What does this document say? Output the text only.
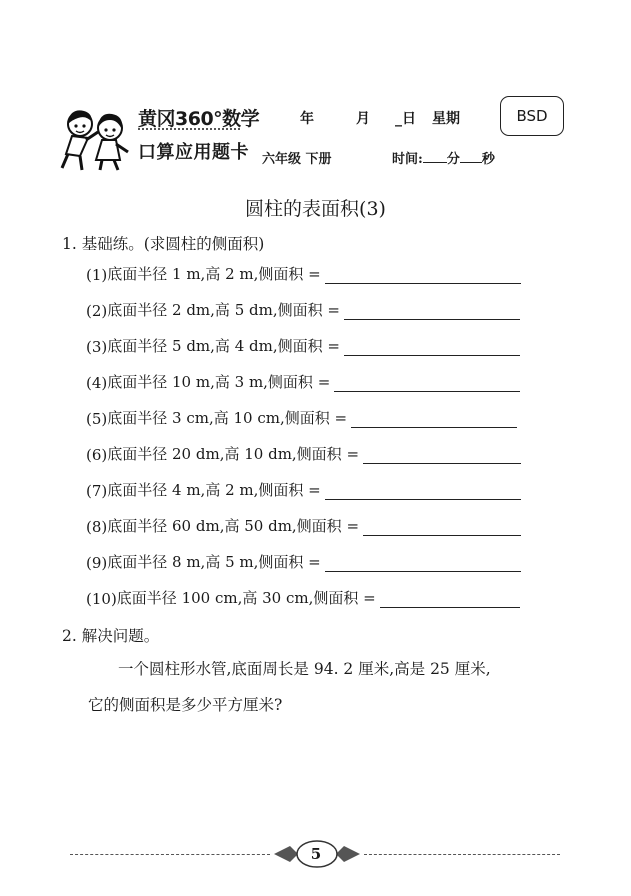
黄冈360°数学
口算应用题卡
年	月 _日 星期	BSD
六年级 下册	时间: 分 秒
圆柱的表面积(3)
1. 基础练。(求圆柱的侧面积)
(1) 底面半径 1 m,高 2 m,侧面积 =
(2) 底面半径 2 dm,高 5 dm,侧面积 =
(3) 底面半径 5 dm,高 4 dm,侧面积 =
(4) 底面半径 10 m,高 3 m,侧面积 =
(5) 底面半径 3 cm,高 10 cm,侧面积 =
(6) 底面半径 20 dm,高 10 dm,侧面积 =
(7) 底面半径 4 m,高 2 m,侧面积 =
(8) 底面半径 60 dm,高 50 dm,侧面积 =
(9) 底面半径 8 m,高 5 m,侧面积 =
(10) 底面半径 100 cm,高 30 cm,侧面积 =
2. 解决问题。
一个圆柱形水管,底面周长是 94. 2 厘米,高是 25 厘米,
它的侧面积是多少平方厘米?
5
